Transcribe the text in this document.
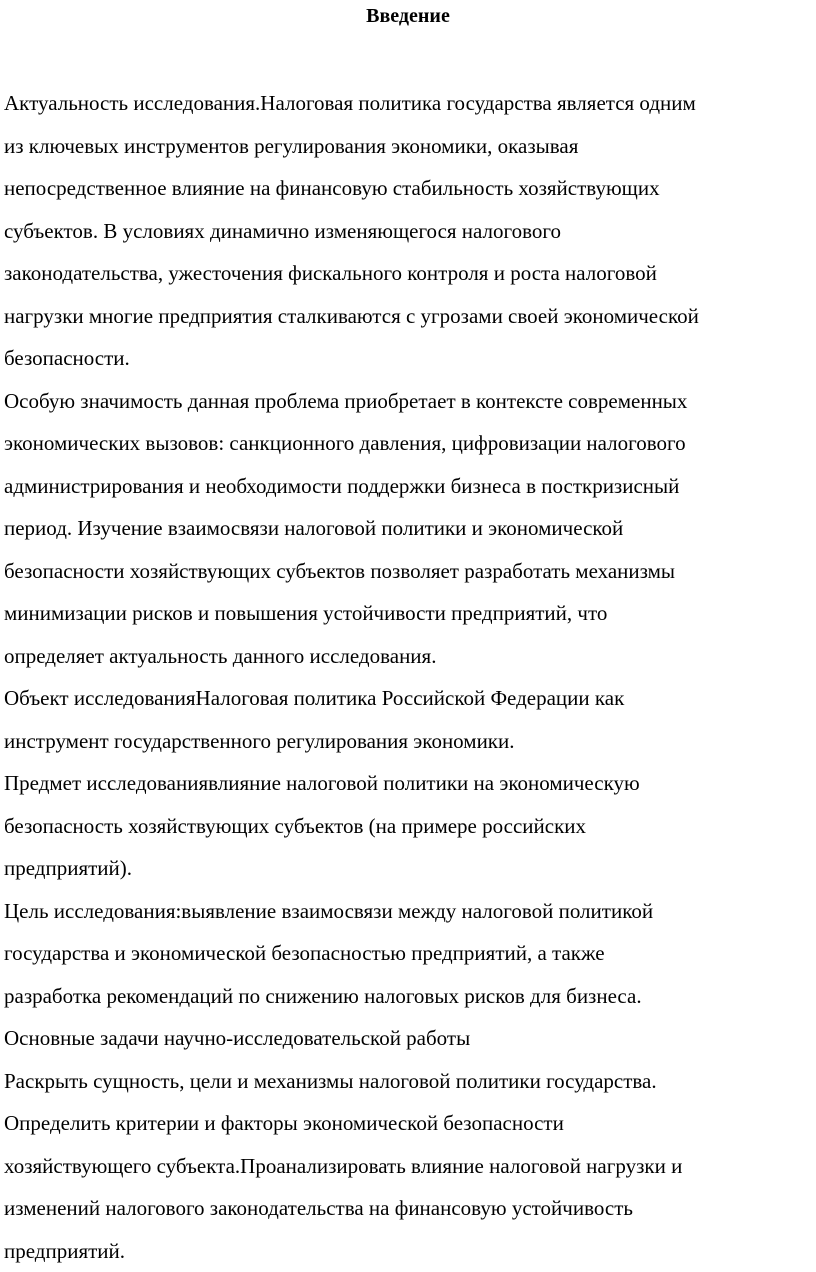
Введение
Актуальность исследования.Налоговая политика государства является одним
из ключевых инструментов регулирования экономики, оказывая
непосредственное влияние на финансовую стабильность хозяйствующих
субъектов. В условиях динамично изменяющегося налогового
законодательства, ужесточения фискального контроля и роста налоговой
нагрузки многие предприятия сталкиваются с угрозами своей экономической
безопасности.
Особую значимость данная проблема приобретает в контексте современных
экономических вызовов: санкционного давления, цифровизации налогового
администрирования и необходимости поддержки бизнеса в посткризисный
период. Изучение взаимосвязи налоговой политики и экономической
безопасности хозяйствующих субъектов позволяет разработать механизмы
минимизации рисков и повышения устойчивости предприятий, что
определяет актуальность данного исследования.
Объект исследованияНалоговая политика Российской Федерации как
инструмент государственного регулирования экономики.
Предмет исследованиявлияние налоговой политики на экономическую
безопасность хозяйствующих субъектов (на примере российских
предприятий).
Цель исследования:выявление взаимосвязи между налоговой политикой
государства и экономической безопасностью предприятий, а также
разработка рекомендаций по снижению налоговых рисков для бизнеса.
Основные задачи научно-исследовательской работы
Раскрыть сущность, цели и механизмы налоговой политики государства.
Определить критерии и факторы экономической безопасности
хозяйствующего субъекта.Проанализировать влияние налоговой нагрузки и
изменений налогового законодательства на финансовую устойчивость
предприятий.
